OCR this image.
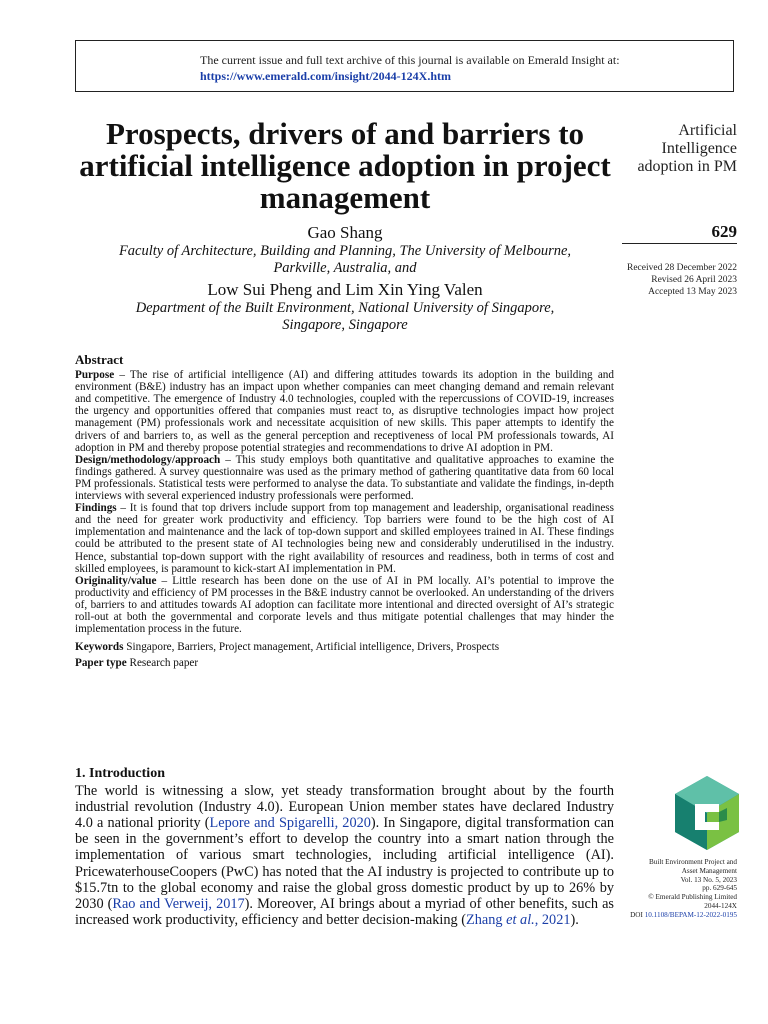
The current issue and full text archive of this journal is available on Emerald Insight at:
https://www.emerald.com/insight/2044-124X.htm
Prospects, drivers of and barriers to artificial intelligence adoption in project management
Artificial
Intelligence
adoption in PM
629
Received 28 December 2022
Revised 26 April 2023
Accepted 13 May 2023
Gao Shang
Faculty of Architecture, Building and Planning, The University of Melbourne,
Parkville, Australia, and
Low Sui Pheng and Lim Xin Ying Valen
Department of the Built Environment, National University of Singapore,
Singapore, Singapore
Abstract

Purpose – The rise of artificial intelligence (AI) and differing attitudes towards its adoption in the building and environment (B&E) industry has an impact upon whether companies can meet changing demand and remain relevant and competitive. The emergence of Industry 4.0 technologies, coupled with the repercussions of COVID-19, increases the urgency and opportunities offered that companies must react to, as disruptive technologies impact how project management (PM) professionals work and necessitate acquisition of new skills. This paper attempts to identify the drivers of and barriers to, as well as the general perception and receptiveness of local PM professionals towards, AI adoption in PM and thereby propose potential strategies and recommendations to drive AI adoption in PM.

Design/methodology/approach – This study employs both quantitative and qualitative approaches to examine the findings gathered. A survey questionnaire was used as the primary method of gathering quantitative data from 60 local PM professionals. Statistical tests were performed to analyse the data. To substantiate and validate the findings, in-depth interviews with several experienced industry professionals were performed.

Findings – It is found that top drivers include support from top management and leadership, organisational readiness and the need for greater work productivity and efficiency. Top barriers were found to be the high cost of AI implementation and maintenance and the lack of top-down support and skilled employees trained in AI. These findings could be attributed to the present state of AI technologies being new and considerably underutilised in the industry. Hence, substantial top-down support with the right availability of resources and readiness, both in terms of cost and skilled employees, is paramount to kick-start AI implementation in PM.

Originality/value – Little research has been done on the use of AI in PM locally. AI’s potential to improve the productivity and efficiency of PM processes in the B&E industry cannot be overlooked. An understanding of the drivers of, barriers to and attitudes towards AI adoption can facilitate more intentional and directed oversight of AI’s strategic roll-out at both the governmental and corporate levels and thus mitigate potential challenges that may hinder the implementation process in the future.

Keywords Singapore, Barriers, Project management, Artificial intelligence, Drivers, Prospects

Paper type Research paper

1. Introduction

The world is witnessing a slow, yet steady transformation brought about by the fourth industrial revolution (Industry 4.0). European Union member states have declared Industry 4.0 a national priority (Lepore and Spigarelli, 2020). In Singapore, digital transformation can be seen in the government’s effort to develop the country into a smart nation through the implementation of various smart technologies, including artificial intelligence (AI). PricewaterhouseCoopers (PwC) has noted that the AI industry is projected to contribute up to $15.7tn to the global economy and raise the global gross domestic product by up to 26% by 2030 (Rao and Verweij, 2017). Moreover, AI brings about a myriad of other benefits, such as increased work productivity, efficiency and better decision-making (Zhang et al., 2021).

Built Environment Project and
Asset Management
Vol. 13 No. 5, 2023
pp. 629-645
© Emerald Publishing Limited
2044-124X
DOI 10.1108/BEPAM-12-2022-0195
